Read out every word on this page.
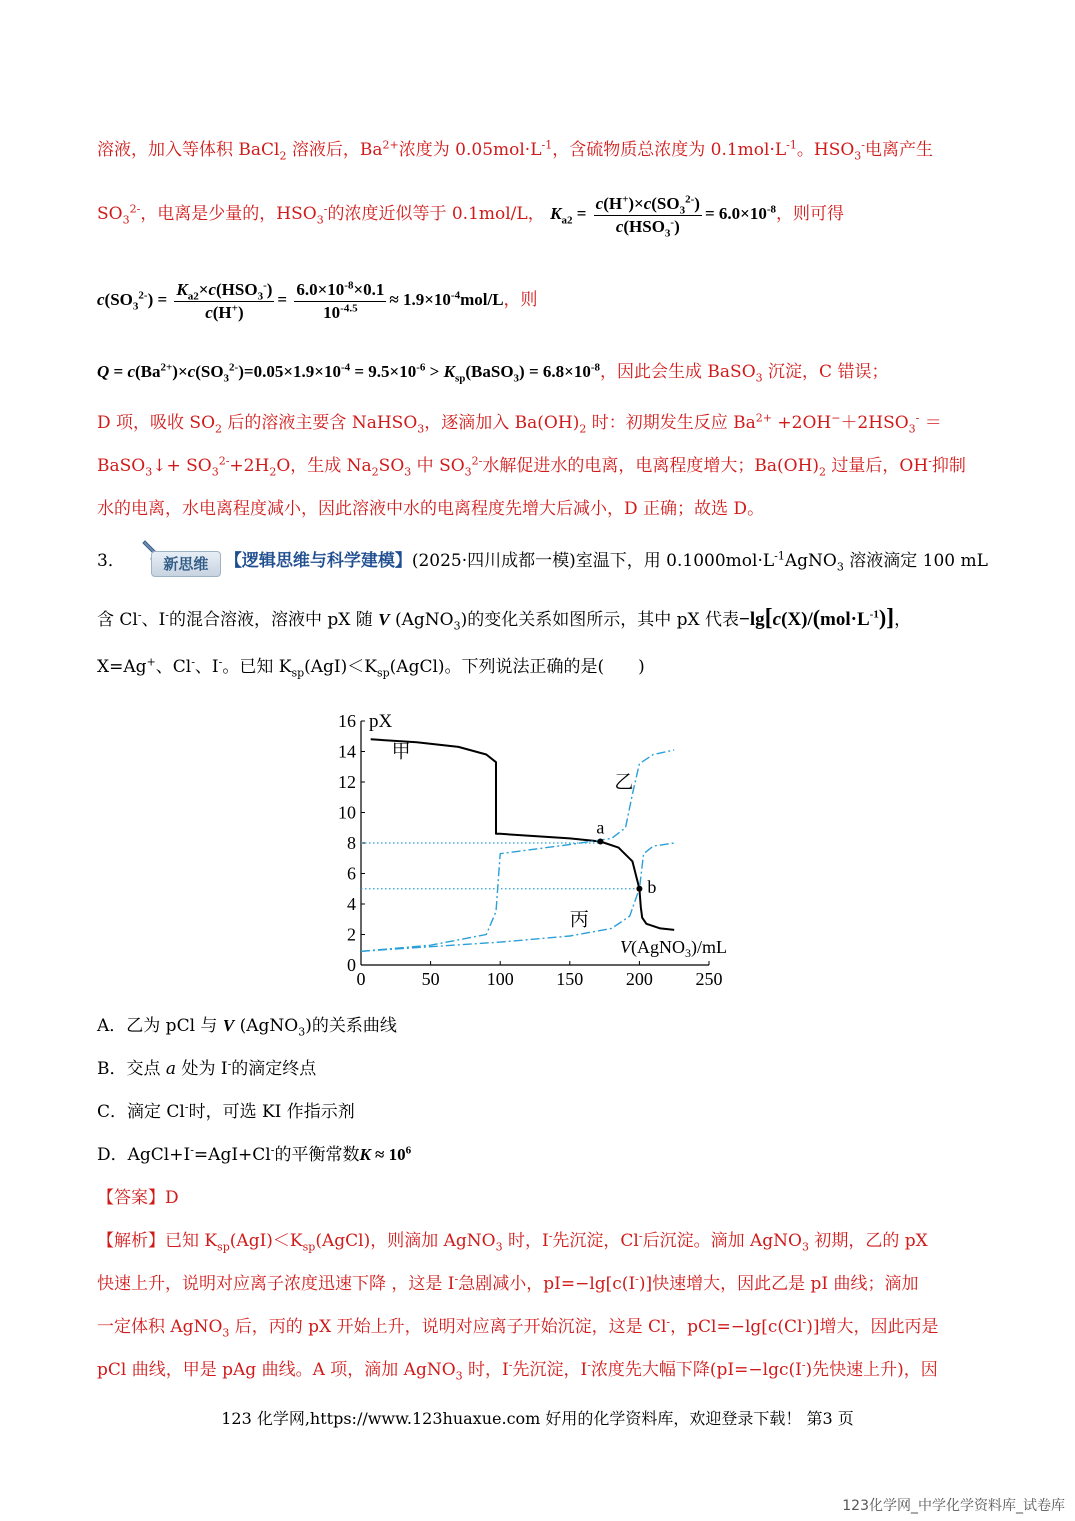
溶液，加入等体积 BaCl$_2$ 溶液后，$Ba^{2+}$浓度为 $0.05mol\cdot L^{-1}$，含硫物质总浓度为 $0.1mol\cdot L^{-1}$。$HSO_3^-$电离产生
$SO_3^{2-}$，电离是少量的，$HSO_3^-$的浓度近似等于 0.1mol/L， $K_{a2} = \frac{c(H^+)\times c(SO_3^{2-})}{c(HSO_3^-)} = 6.0\times 10^{-8}$，则可得
$c(SO_3^{2-}) = \frac{K_{a2}\times c(HSO_3^-)}{c(H^+)} = \frac{6.0\times 10^{-8}\times 0.1}{10^{-4.5}} \approx 1.9\times 10^{-4}mol/L$，则
$Q = c(Ba^{2+})\times c(SO_3^{2-})=0.05\times 1.9\times 10^{-4} = 9.5\times 10^{-6}$ > $K_{sp}(BaSO_3) = 6.8\times 10^{-8}$，因此会生成 BaSO$_3$ 沉淀，C 错误；
D 项，吸收 $SO_2$ 后的溶液主要含 NaHSO$_3$，逐滴加入 $Ba(OH)_2$ 时：初期发生反应 $Ba^{2+} +2OH^-+2HSO_3^-$ ＝
BaSO$_3$↓+ $SO_3^{2-}+2H_2O$，生成 $Na_2SO_3$ 中 $SO_3^{2-}$水解促进水的电离，电离程度增大；$Ba(OH)_2$ 过量后，OH-抑制
水的电离，水电离程度减小，因此溶液中水的电离程度先增大后减小，D 正确；故选 D。
3．	新思维 【逻辑思维与科学建模】(2025·四川成都一模)室温下，用 $0.1000mol\cdot L^{-1}AgNO_3$ 溶液滴定 100 mL
含 Cl-、I-的混合溶液，溶液中 pX 随 V (AgNO$_3$)的变化关系如图所示，其中 pX 代表$-\lg[c(X)/(mol\cdot L^{-1})]$，
X=Ag+、Cl-、I-。已知 $K_{sp}(AgI)<K_{sp}(AgCl)$。下列说法正确的是(　　)
0	50	100 150 200 250
0
2
4
6
8
10
12
14
16 pX
V(AgNO$_3$)/mL
甲
乙
丙
a
b
A．乙为 pCl 与 V (AgNO$_3$)的关系曲线
B．交点 a 处为 I-的滴定终点
C．滴定 Cl-时，可选 KI 作指示剂
D．AgCl+I-=AgI+Cl-的平衡常数$K \approx 10^6$
【答案】D
【解析】已知 $K_{sp}(AgI)<K_{sp}(AgCl)$，则滴加 AgNO$_3$ 时，I-先沉淀，Cl-后沉淀。滴加 AgNO$_3$ 初期，乙的 pX
快速上升，说明对应离子浓度迅速下降 ，这是 I-急剧减小，pI=−lg[c(I-)]快速增大，因此乙是 pI 曲线；滴加
一定体积 AgNO$_3$ 后，丙的 pX 开始上升，说明对应离子开始沉淀，这是 Cl-，pCl=−lg[c(Cl-)]增大，因此丙是
pCl 曲线，甲是 pAg 曲线。A 项，滴加 AgNO$_3$ 时，I-先沉淀，I-浓度先大幅下降(pI=−lgc(I-)先快速上升)，因
123 化学网,https://www.123huaxue.com 好用的化学资料库，欢迎登录下载！ 第3 页
123化学网_中学化学资料库_试卷库
